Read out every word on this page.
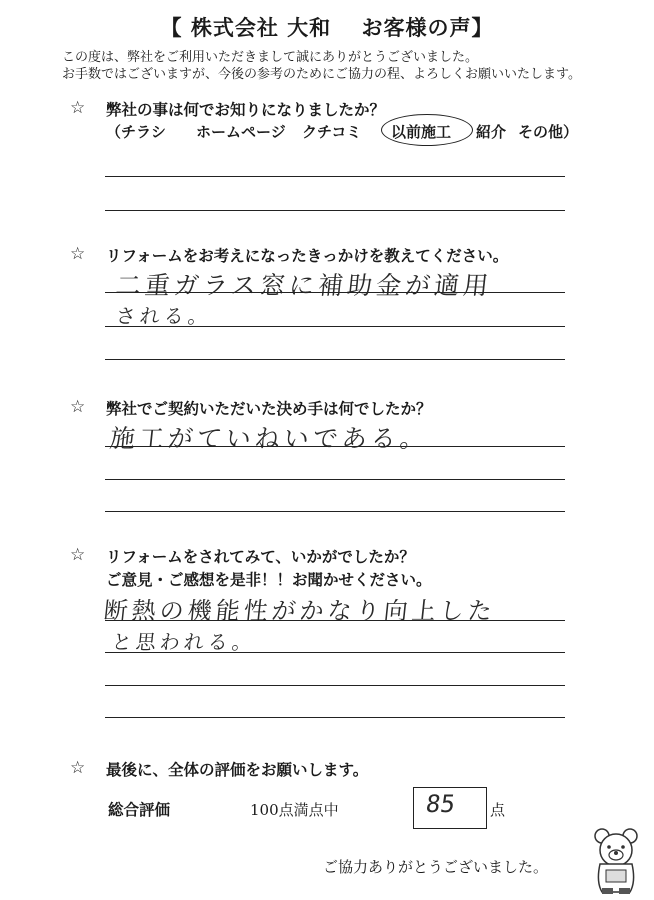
【 株式会社 大和　 お客様の声】
この度は、弊社をご利用いただきまして誠にありがとうございました。
お手数ではございますが、今後の参考のためにご協力の程、よろしくお願いいたします。
☆ 弊社の事は何でお知りになりましたか？
（チラシ ホームページ クチコミ 以前施工 紹介 その他）
☆ リフォームをお考えになったきっかけを教えてください。
二重ガラス窓に補助金が適用
される。
☆ 弊社でご契約いただいた決め手は何でしたか？
施工がていねいである。
☆ リフォームをされてみて、いかがでしたか？
ご意見・ご感想を是非！！お聞かせください。
断熱の機能性がかなり向上した
と思われる。
☆ 最後に、全体の評価をお願いします。
総合評価	100点満点中	85 点
ご協力ありがとうございました。
